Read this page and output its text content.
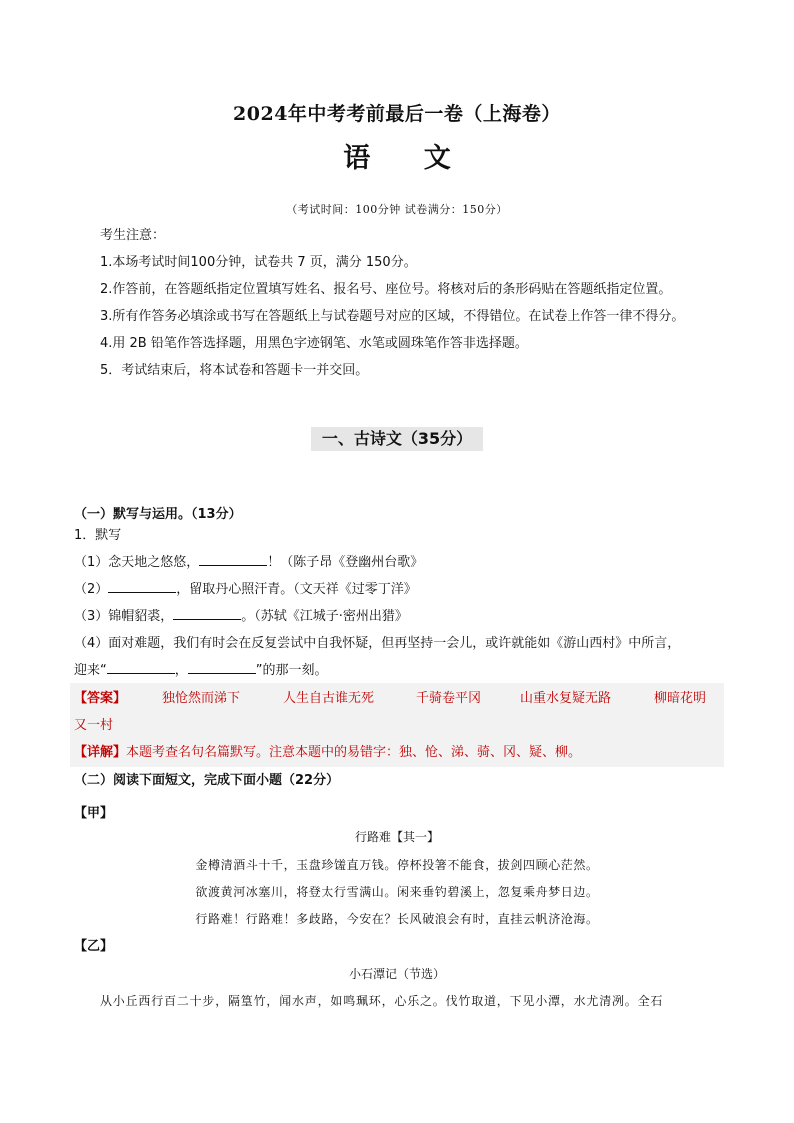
2024年中考考前最后一卷（上海卷）
语 文
（考试时间：100分钟 试卷满分：150分）
考生注意：
1.本场考试时间100分钟，试卷共 7 页，满分 150分。
2.作答前，在答题纸指定位置填写姓名、报名号、座位号。将核对后的条形码贴在答题纸指定位置。
3.所有作答务必填涂或书写在答题纸上与试卷题号对应的区域，不得错位。在试卷上作答一律不得分。
4.用 2B 铅笔作答选择题，用黑色字迹钢笔、水笔或圆珠笔作答非选择题。
5．考试结束后，将本试卷和答题卡一并交回。
一、古诗文（35分）
（一）默写与运用。（13分）
1．默写
（1）念天地之悠悠，	！（陈子昂《登幽州台歌》
（2）	，留取丹心照汗青。（文天祥《过零丁洋》
（3）锦帽貂裘，	。（苏轼《江城子·密州出猎》
（4）面对难题，我们有时会在反复尝试中自我怀疑，但再坚持一会儿，或许就能如《游山西村》中所言，
迎来“	，	”的那一刻。
【答案】	独怆然而涕下	人生自古谁无死	千骑卷平冈	山重水复疑无路	柳暗花明
又一村
【详解】本题考查名句名篇默写。注意本题中的易错字：独、怆、涕、骑、冈、疑、柳。
（二）阅读下面短文，完成下面小题（22分）
【甲】
行路难【其一】
金樽清酒斗十千，玉盘珍馐直万钱。停杯投箸不能食，拔剑四顾心茫然。
欲渡黄河冰塞川，将登太行雪满山。闲来垂钓碧溪上，忽复乘舟梦日边。
行路难！行路难！多歧路，今安在？长风破浪会有时，直挂云帆济沧海。
【乙】
小石潭记（节选）
从小丘西行百二十步，隔篁竹，闻水声，如鸣珮环，心乐之。伐竹取道，下见小潭，水尤清冽。全石
